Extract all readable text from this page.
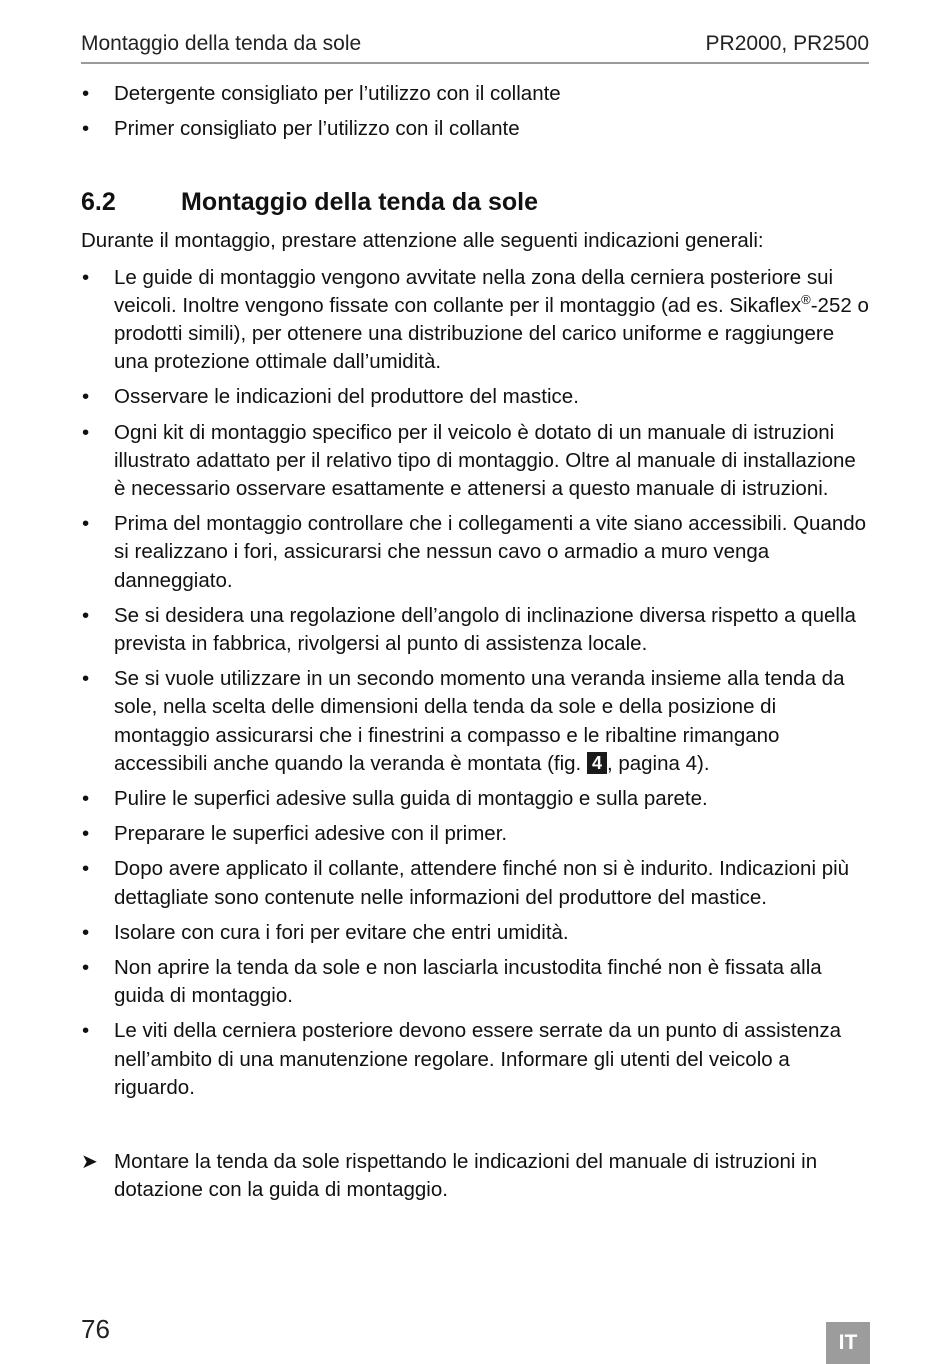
Montaggio della tenda da sole	PR2000, PR2500
• Detergente consigliato per l’utilizzo con il collante
• Primer consigliato per l’utilizzo con il collante
6.2	Montaggio della tenda da sole

Durante il montaggio, prestare attenzione alle seguenti indicazioni generali:

• Le guide di montaggio vengono avvitate nella zona della cerniera posteriore sui veicoli. Inoltre vengono fissate con collante per il montaggio (ad es. Sikaflex®-252 o prodotti simili), per ottenere una distribuzione del carico uniforme e raggiungere una protezione ottimale dall’umidità.
• Osservare le indicazioni del produttore del mastice.
• Ogni kit di montaggio specifico per il veicolo è dotato di un manuale di istruzioni illustrato adattato per il relativo tipo di montaggio. Oltre al manuale di installazione è necessario osservare esattamente e attenersi a questo manuale di istruzioni.
• Prima del montaggio controllare che i collegamenti a vite siano accessibili. Quando si realizzano i fori, assicurarsi che nessun cavo o armadio a muro venga danneggiato.
• Se si desidera una regolazione dell’angolo di inclinazione diversa rispetto a quella prevista in fabbrica, rivolgersi al punto di assistenza locale.
• Se si vuole utilizzare in un secondo momento una veranda insieme alla tenda da sole, nella scelta delle dimensioni della tenda da sole e della posizione di montaggio assicurarsi che i finestrini a compasso e le ribaltine rimangano accessibili anche quando la veranda è montata (fig. 4 , pagina 4).
• Pulire le superfici adesive sulla guida di montaggio e sulla parete.
• Preparare le superfici adesive con il primer.
• Dopo avere applicato il collante, attendere finché non si è indurito. Indicazioni più dettagliate sono contenute nelle informazioni del produttore del mastice.
• Isolare con cura i fori per evitare che entri umidità.
• Non aprire la tenda da sole e non lasciarla incustodita finché non è fissata alla guida di montaggio.
• Le viti della cerniera posteriore devono essere serrate da un punto di assistenza nell’ambito di una manutenzione regolare. Informare gli utenti del veicolo a riguardo.
➤ Montare la tenda da sole rispettando le indicazioni del manuale di istruzioni in dotazione con la guida di montaggio.
76	IT
